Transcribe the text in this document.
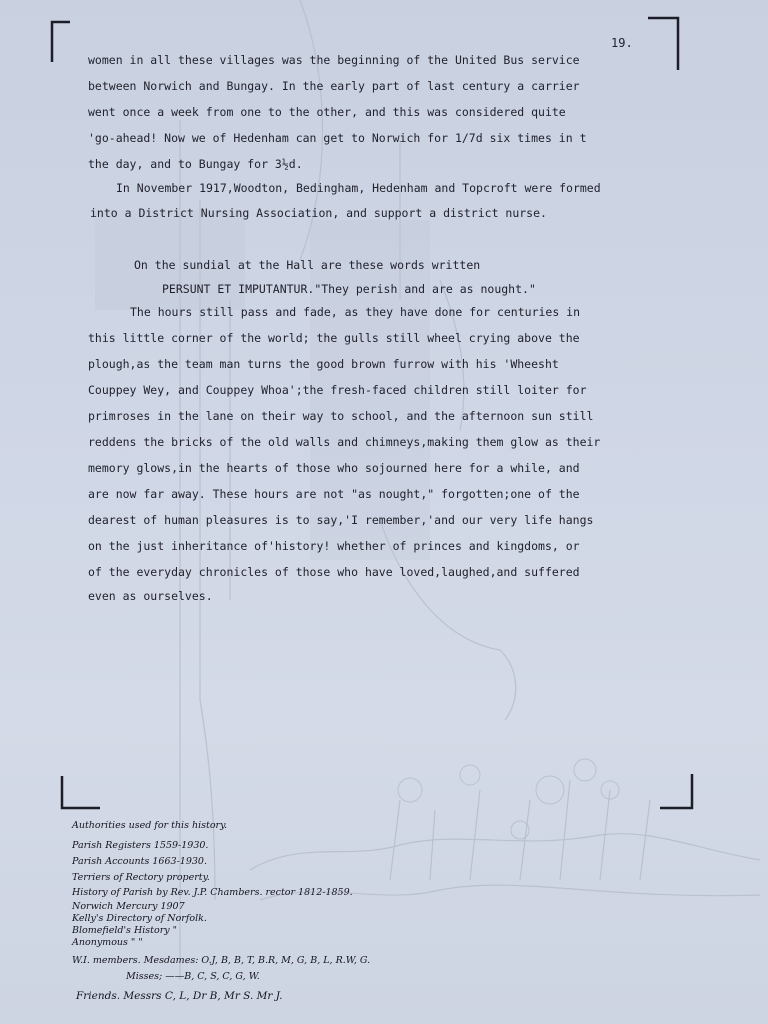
19.
women in all these villages was the beginning of the United Bus service
between Norwich and Bungay. In the early part of last century a carrier
went once a week from one to the other, and this was considered quite
'go-ahead! Now we of Hedenham can get to Norwich for 1/7d six times in t
the day, and to Bungay for 3½d.
In November 1917,Woodton, Bedingham, Hedenham and Topcroft were formed
into a District Nursing Association, and support a district nurse.
On the sundial at the Hall are these words written
PERSUNT ET IMPUTANTUR."They perish and are as nought."
The hours still pass and fade, as they have done for centuries in
this little corner of the world; the gulls still wheel crying above the
plough,as the team man turns the good brown furrow with his 'Wheesht
Couppey Wey, and Couppey Whoa';the fresh-faced children still loiter for
primroses in the lane on their way to school, and the afternoon sun still
reddens the bricks of the old walls and chimneys,making them glow as their
memory glows,in the hearts of those who sojourned here for a while, and
are now far away. These hours are not "as nought," forgotten;one of the
dearest of human pleasures is to say,'I remember,'and our very life hangs
on the just inheritance of'history! whether of princes and kingdoms, or
of the everyday chronicles of those who have loved,laughed,and suffered
even as ourselves.
Authorities used for this history.
Parish Registers 1559-1930.
Parish Accounts 1663-1930.
Terriers of Rectory property.
History of Parish by Rev. J.P. Chambers. rector 1812-1859.
Norwich Mercury 1907
Kelly's Directory of Norfolk.
Blomefield's History "
Anonymous " "
W.I. members. Mesdames: O.J, B, B, T, B.R, M, G, B, L, R.W, G.
Misses; ——B, C, S, C, G, W.
Friends. Messrs C, L, Dr B, Mr S. Mr J.
